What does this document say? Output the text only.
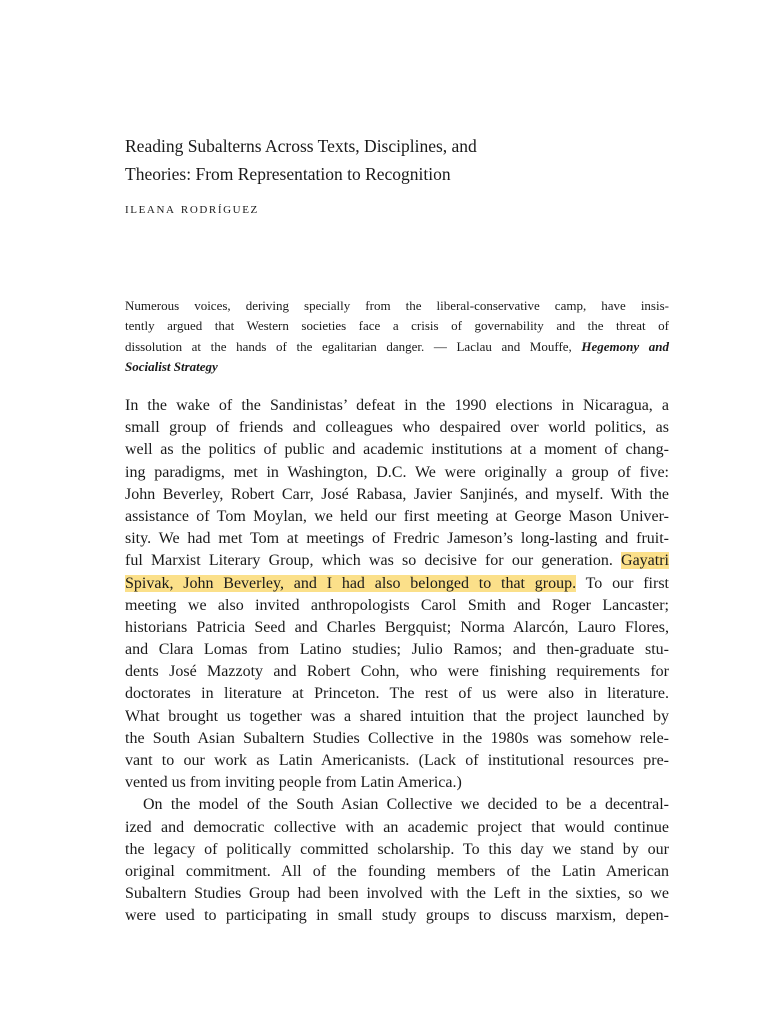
Reading Subalterns Across Texts, Disciplines, and
Theories: From Representation to Recognition
ileana rodríguez
Numerous voices, deriving specially from the liberal-conservative camp, have insis-
tently argued that Western societies face a crisis of governability and the threat of
dissolution at the hands of the egalitarian danger. — Laclau and Mouffe, Hegemony and
Socialist Strategy
In the wake of the Sandinistas’ defeat in the 1990 elections in Nicaragua, a
small group of friends and colleagues who despaired over world politics, as
well as the politics of public and academic institutions at a moment of chang-
ing paradigms, met in Washington, D.C. We were originally a group of five:
John Beverley, Robert Carr, José Rabasa, Javier Sanjinés, and myself. With the
assistance of Tom Moylan, we held our first meeting at George Mason Univer-
sity. We had met Tom at meetings of Fredric Jameson’s long-lasting and fruit-
ful Marxist Literary Group, which was so decisive for our generation. Gayatri
Spivak, John Beverley, and I had also belonged to that group. To our first
meeting we also invited anthropologists Carol Smith and Roger Lancaster;
historians Patricia Seed and Charles Bergquist; Norma Alarcón, Lauro Flores,
and Clara Lomas from Latino studies; Julio Ramos; and then-graduate stu-
dents José Mazzoty and Robert Cohn, who were finishing requirements for
doctorates in literature at Princeton. The rest of us were also in literature.
What brought us together was a shared intuition that the project launched by
the South Asian Subaltern Studies Collective in the 1980s was somehow rele-
vant to our work as Latin Americanists. (Lack of institutional resources pre-
vented us from inviting people from Latin America.)
On the model of the South Asian Collective we decided to be a decentral-
ized and democratic collective with an academic project that would continue
the legacy of politically committed scholarship. To this day we stand by our
original commitment. All of the founding members of the Latin American
Subaltern Studies Group had been involved with the Left in the sixties, so we
were used to participating in small study groups to discuss marxism, depen-
